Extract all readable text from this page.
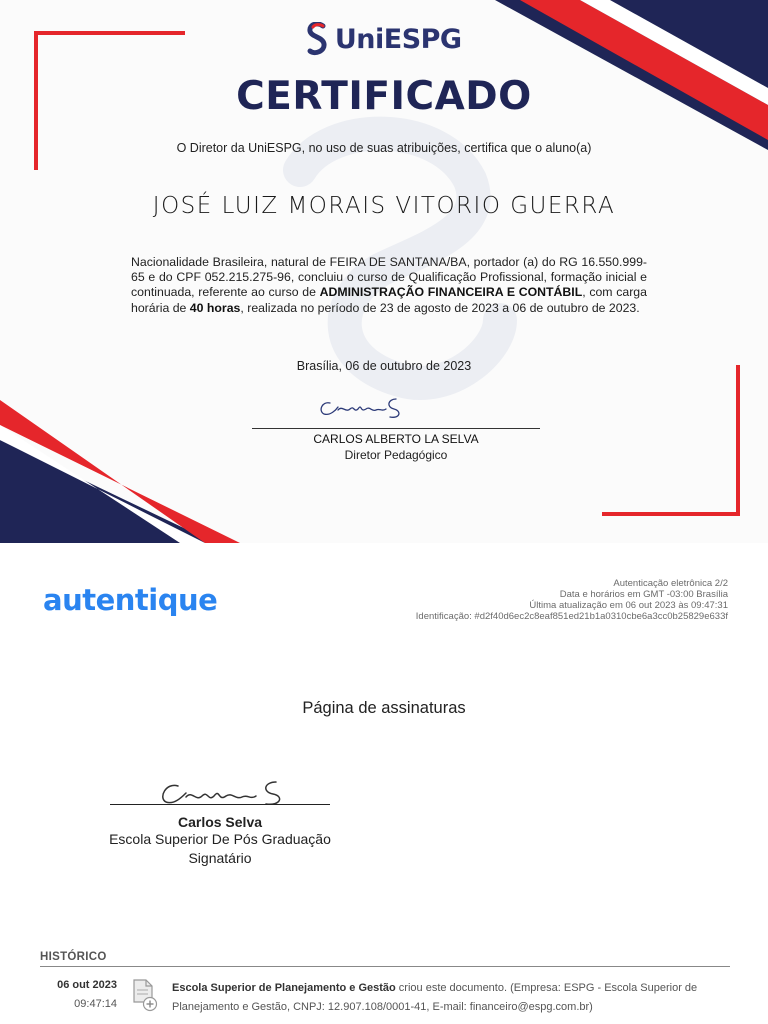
UniESPG
CERTIFICADO
O Diretor da UniESPG, no uso de suas atribuições, certifica que o aluno(a)
JOSÉ LUIZ MORAIS VITORIO GUERRA
Nacionalidade Brasileira, natural de FEIRA DE SANTANA/BA, portador (a) do RG 16.550.999-65 e do CPF 052.215.275-96, concluiu o curso de Qualificação Profissional, formação inicial e continuada, referente ao curso de ADMINISTRAÇÃO FINANCEIRA E CONTÁBIL, com carga horária de 40 horas, realizada no período de 23 de agosto de 2023 a 06 de outubro de 2023.
Brasília, 06 de outubro de 2023
CARLOS ALBERTO LA SELVA
Diretor Pedagógico
autentique	Autenticação eletrônica 2/2
Data e horários em GMT -03:00 Brasília
Última atualização em 06 out 2023 às 09:47:31
Identificação: #d2f40d6ec2c8eaf851ed21b1a0310cbe6a3cc0b25829e633f
Página de assinaturas
Carlos Selva
Escola Superior De Pós Graduação
Signatário
HISTÓRICO
06 out 2023
09:47:14
Escola Superior de Planejamento e Gestão criou este documento. (Empresa: ESPG - Escola Superior de Planejamento e Gestão, CNPJ: 12.907.108/0001-41, E-mail: financeiro@espg.com.br)
